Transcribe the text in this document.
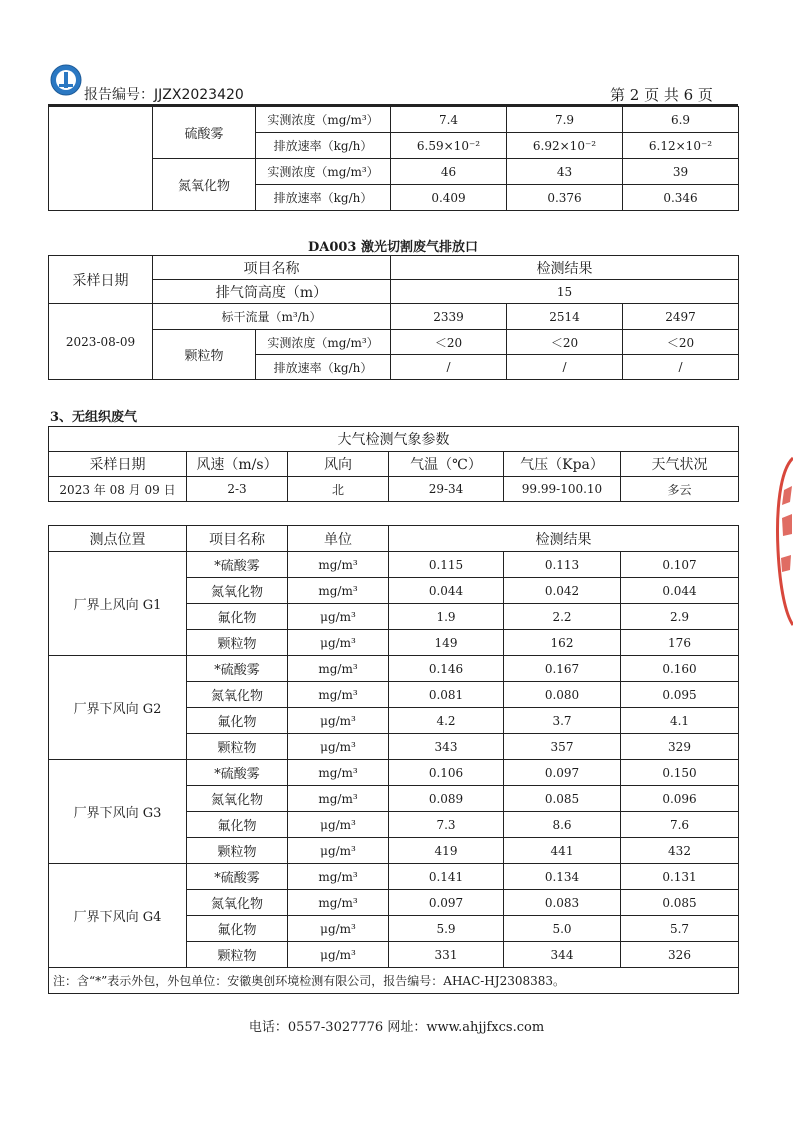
报告编号：JJZX2023420	第 2 页 共 6 页
	硫酸雾	实测浓度（mg/m³）	7.4	7.9	6.9
		排放速率（kg/h）	6.59×10⁻²	6.92×10⁻²	6.12×10⁻²
	氮氧化物	实测浓度（mg/m³）	46	43	39
		排放速率（kg/h）	0.409	0.376	0.346
DA003 激光切割废气排放口
采样日期	项目名称		检测结果		
	排气筒高度（m）		15		
2023-08-09	标干流量（m³/h）		2339	2514	2497
	颗粒物	实测浓度（mg/m³）	＜20	＜20	＜20
		排放速率（kg/h）	/	/	/
3、无组织废气
大气检测气象参数					
采样日期	风速（m/s）	风向	气温（℃）	气压（Kpa）	天气状况
2023 年 08 月 09 日	2-3	北	29-34	99.99-100.10	多云
测点位置	项目名称	单位	检测结果		
厂界上风向 G1	*硫酸雾	mg/m³	0.115	0.113	0.107
	氮氧化物	mg/m³	0.044	0.042	0.044
	氟化物	μg/m³	1.9	2.2	2.9
	颗粒物	μg/m³	149	162	176
厂界下风向 G2	*硫酸雾	mg/m³	0.146	0.167	0.160
	氮氧化物	mg/m³	0.081	0.080	0.095
	氟化物	μg/m³	4.2	3.7	4.1
	颗粒物	μg/m³	343	357	329
厂界下风向 G3	*硫酸雾	mg/m³	0.106	0.097	0.150
	氮氧化物	mg/m³	0.089	0.085	0.096
	氟化物	μg/m³	7.3	8.6	7.6
	颗粒物	μg/m³	419	441	432
厂界下风向 G4	*硫酸雾	mg/m³	0.141	0.134	0.131
	氮氧化物	mg/m³	0.097	0.083	0.085
	氟化物	μg/m³	5.9	5.0	5.7
	颗粒物	μg/m³	331	344	326
注：含“*”表示外包，外包单位：安徽奥创环境检测有限公司，报告编号：AHAC-HJ2308383。					
电话：0557-3027776 网址：www.ahjjfxcs.com
